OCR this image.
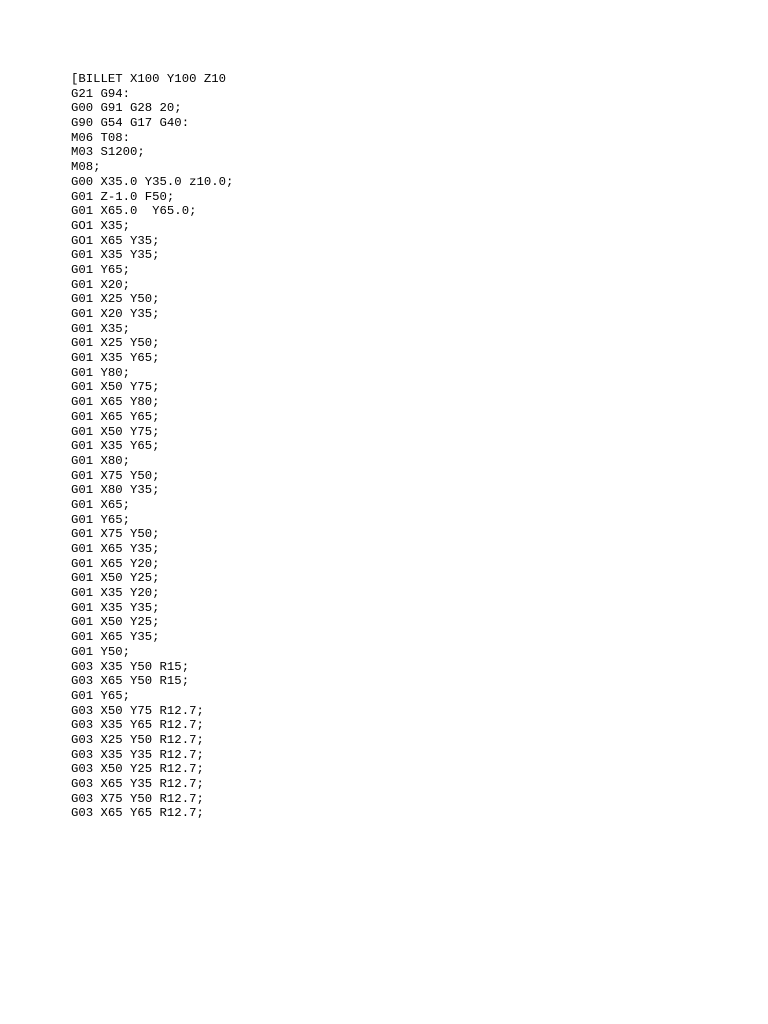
[BILLET X100 Y100 Z10
G21 G94:
G00 G91 G28 20;
G90 G54 G17 G40:
M06 T08:
M03 S1200;
M08;
G00 X35.0 Y35.0 z10.0;
G01 Z-1.0 F50;
G01 X65.0  Y65.0;
GO1 X35;
GO1 X65 Y35;
G01 X35 Y35;
G01 Y65;
G01 X20;
G01 X25 Y50;
G01 X20 Y35;
G01 X35;
G01 X25 Y50;
G01 X35 Y65;
G01 Y80;
G01 X50 Y75;
G01 X65 Y80;
G01 X65 Y65;
G01 X50 Y75;
G01 X35 Y65;
G01 X80;
G01 X75 Y50;
G01 X80 Y35;
G01 X65;
G01 Y65;
G01 X75 Y50;
G01 X65 Y35;
G01 X65 Y20;
G01 X50 Y25;
G01 X35 Y20;
G01 X35 Y35;
G01 X50 Y25;
G01 X65 Y35;
G01 Y50;
G03 X35 Y50 R15;
G03 X65 Y50 R15;
G01 Y65;
G03 X50 Y75 R12.7;
G03 X35 Y65 R12.7;
G03 X25 Y50 R12.7;
G03 X35 Y35 R12.7;
G03 X50 Y25 R12.7;
G03 X65 Y35 R12.7;
G03 X75 Y50 R12.7;
G03 X65 Y65 R12.7;
